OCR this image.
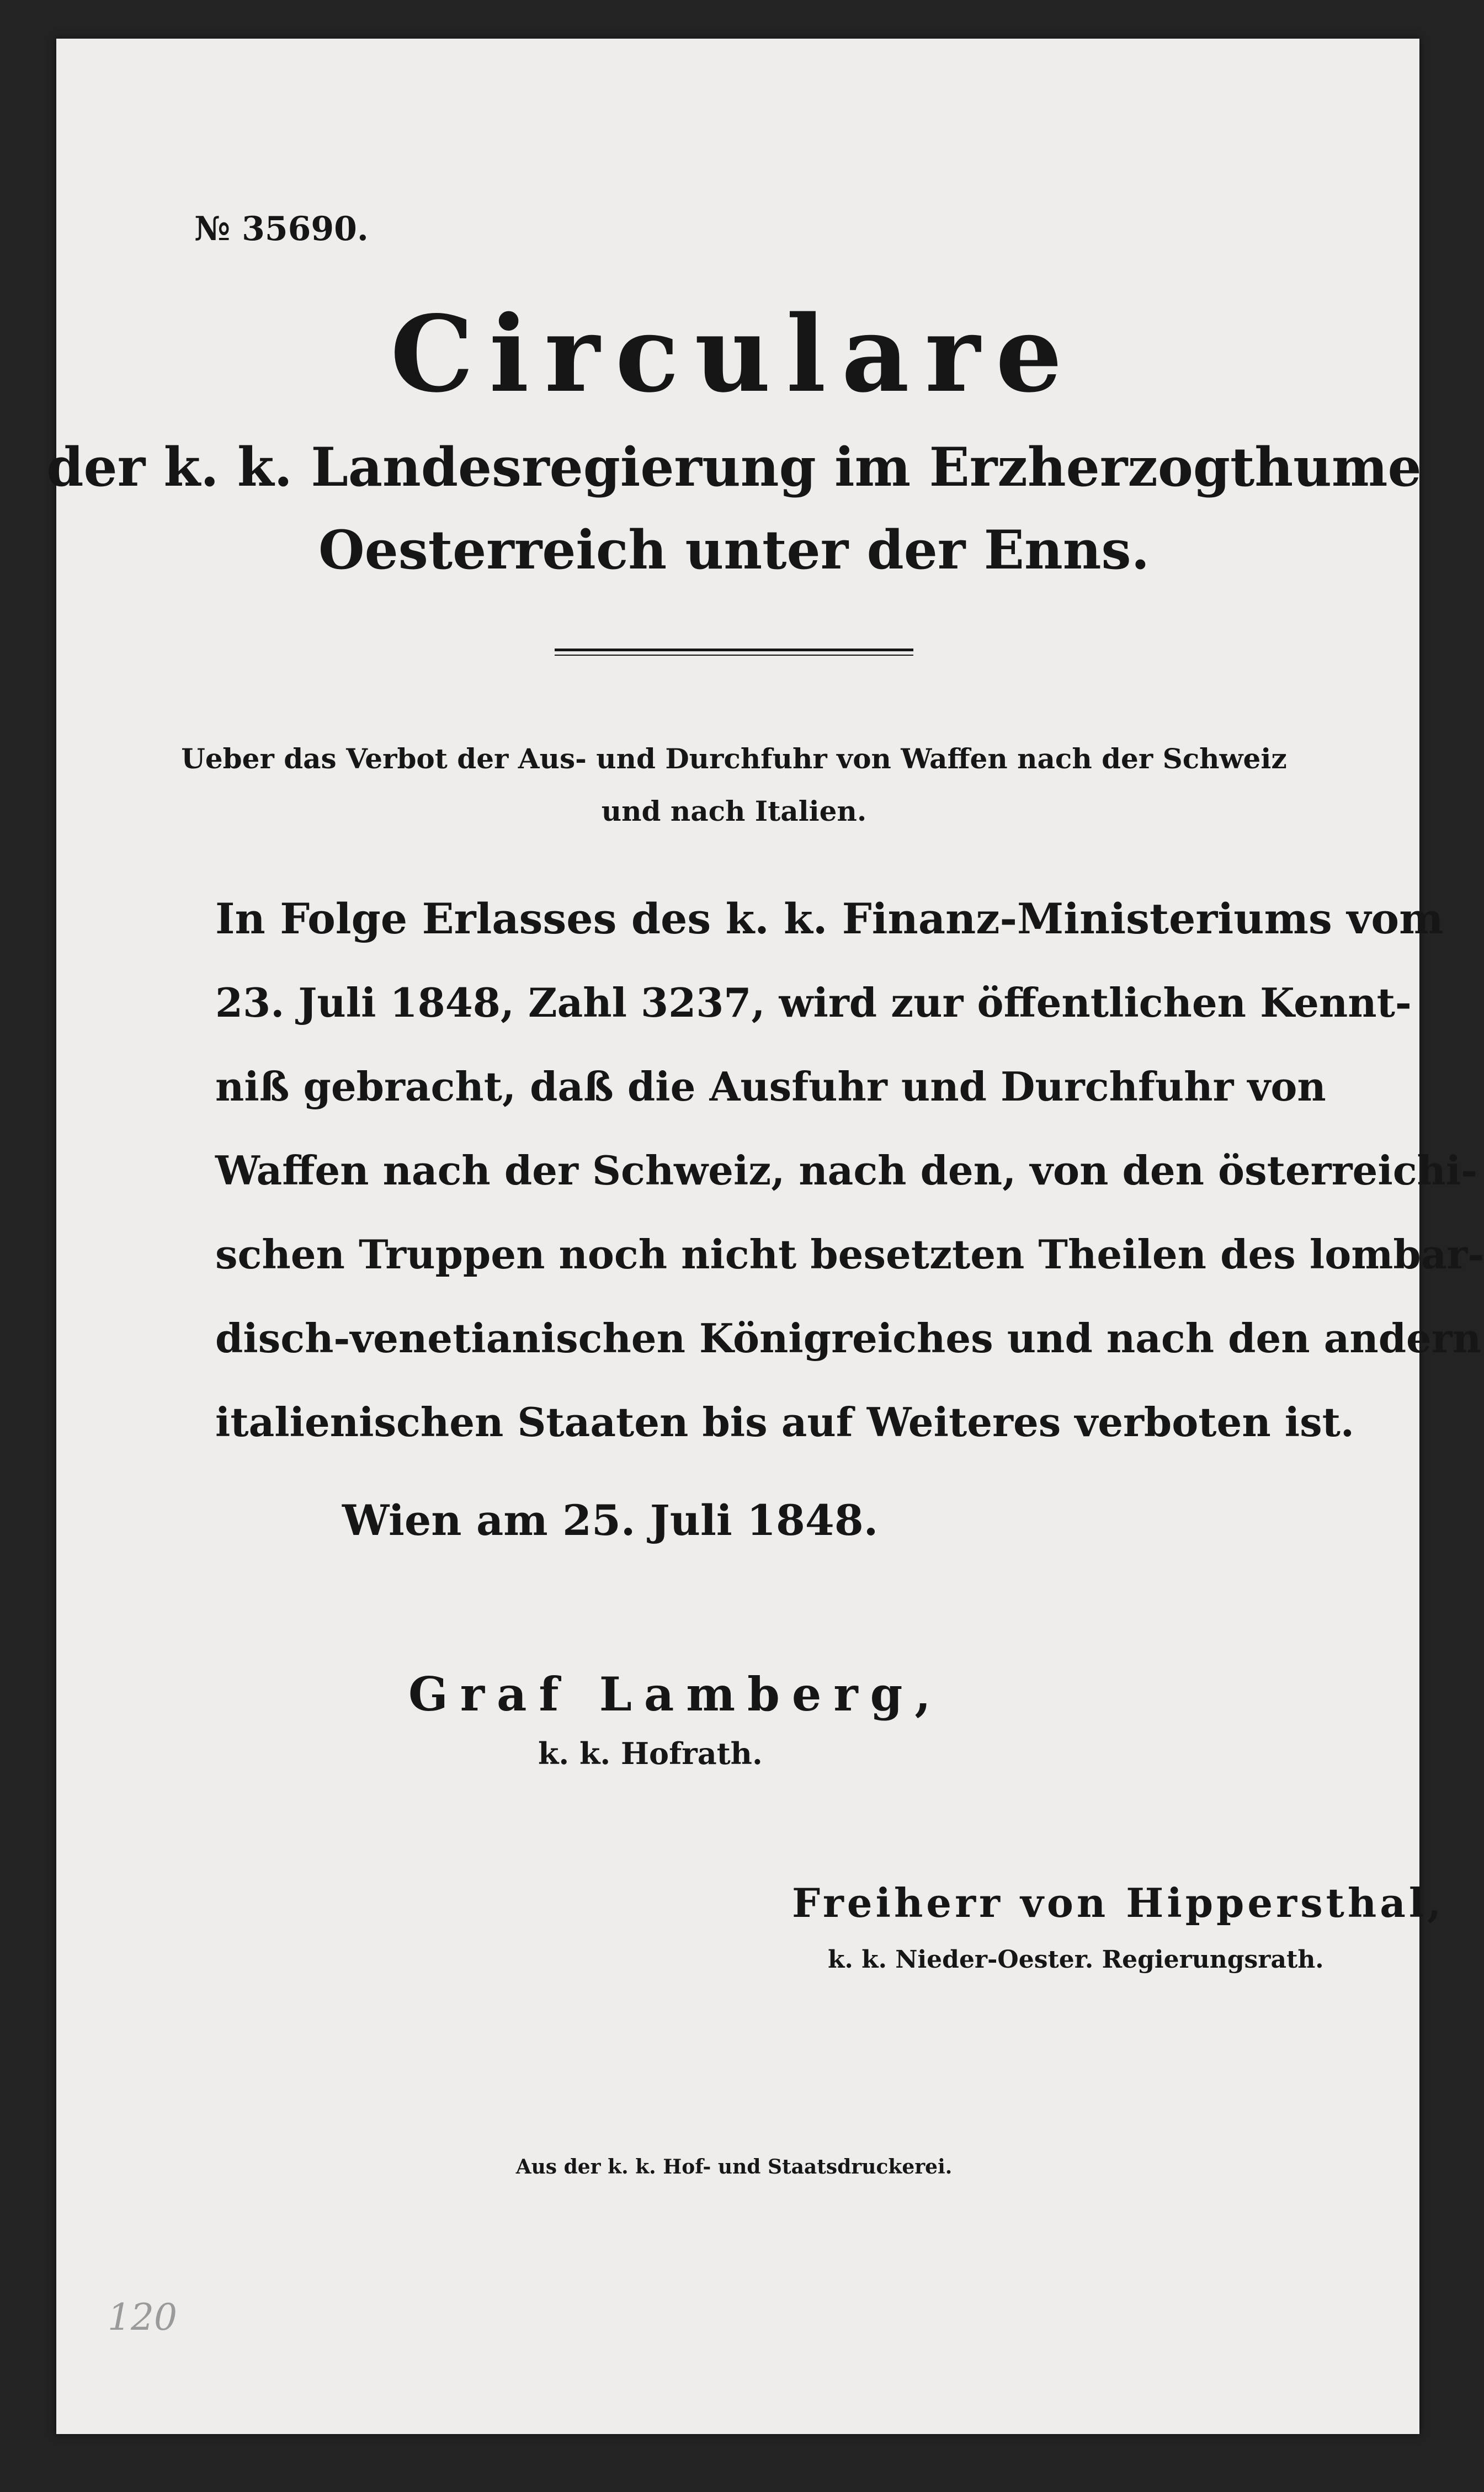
№ 35690.
Circulare
der k. k. Landesregierung im Erzherzogthume
Oesterreich unter der Enns.
Ueber das Verbot der Aus- und Durchfuhr von Waffen nach der Schweiz
und nach Italien.
In Folge Erlasses des k. k. Finanz-Ministeriums vom
23. Juli 1848, Zahl 3237, wird zur öffentlichen Kennt-
niß gebracht, daß die Ausfuhr und Durchfuhr von
Waffen nach der Schweiz, nach den, von den österreichi-
schen Truppen noch nicht besetzten Theilen des lombar-
disch-venetianischen Königreiches und nach den andern
italienischen Staaten bis auf Weiteres verboten ist.
Wien am 25. Juli 1848.
Graf Lamberg,
k. k. Hofrath.
Freiherr von Hippersthal,
k. k. Nieder-Oester. Regierungsrath.
Aus der k. k. Hof- und Staatsdruckerei.
120
